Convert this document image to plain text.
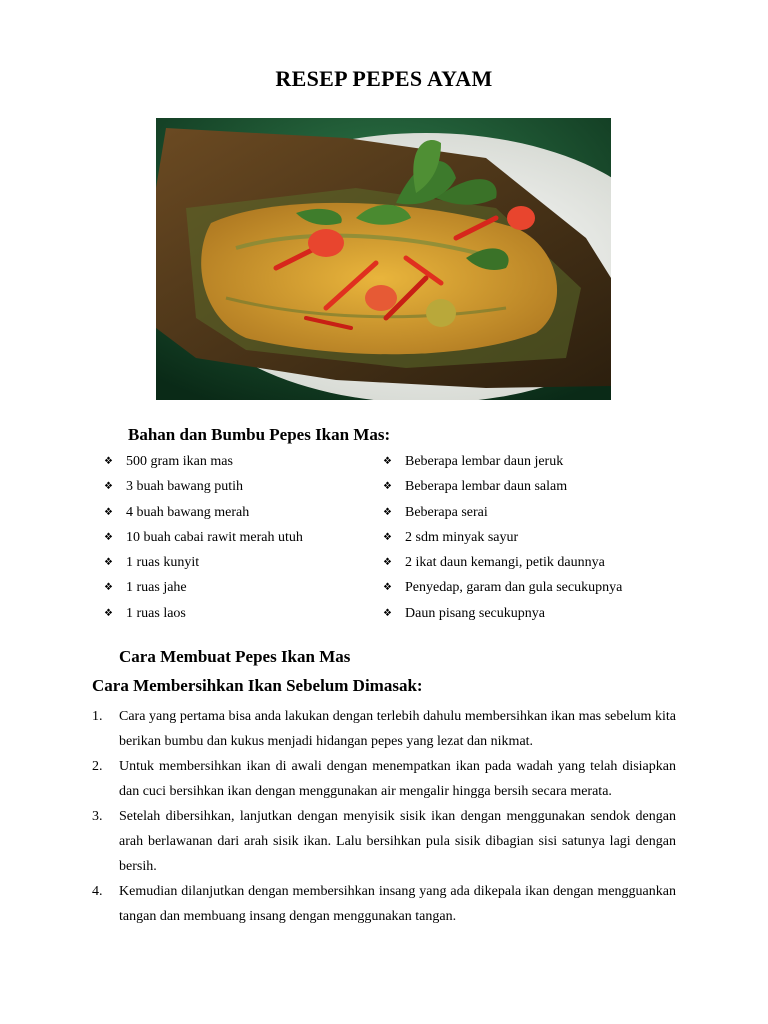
RESEP PEPES AYAM
Bahan dan Bumbu Pepes Ikan Mas:
❖ 500 gram ikan mas
❖ 3 buah bawang putih
❖ 4 buah bawang merah
❖ 10 buah cabai rawit merah utuh
❖ 1 ruas kunyit
❖ 1 ruas jahe
❖ 1 ruas laos
❖ Beberapa lembar daun jeruk
❖ Beberapa lembar daun salam
❖ Beberapa serai
❖ 2 sdm minyak sayur
❖ 2 ikat daun kemangi, petik daunnya
❖ Penyedap, garam dan gula secukupnya
❖ Daun pisang secukupnya
Cara Membuat Pepes Ikan Mas
Cara Membersihkan Ikan Sebelum Dimasak:
1.	Cara yang pertama bisa anda lakukan dengan terlebih dahulu membersihkan ikan mas sebelum kita berikan bumbu dan kukus menjadi hidangan pepes yang lezat dan nikmat.
2.	Untuk membersihkan ikan di awali dengan menempatkan ikan pada wadah yang telah disiapkan dan cuci bersihkan ikan dengan menggunakan air mengalir hingga bersih secara merata.
3.	Setelah dibersihkan, lanjutkan dengan menyisik sisik ikan dengan menggunakan sendok dengan arah berlawanan dari arah sisik ikan. Lalu bersihkan pula sisik dibagian sisi satunya lagi dengan bersih.
4.	Kemudian dilanjutkan dengan membersihkan insang yang ada dikepala ikan dengan mengguankan tangan dan membuang insang dengan menggunakan tangan.
